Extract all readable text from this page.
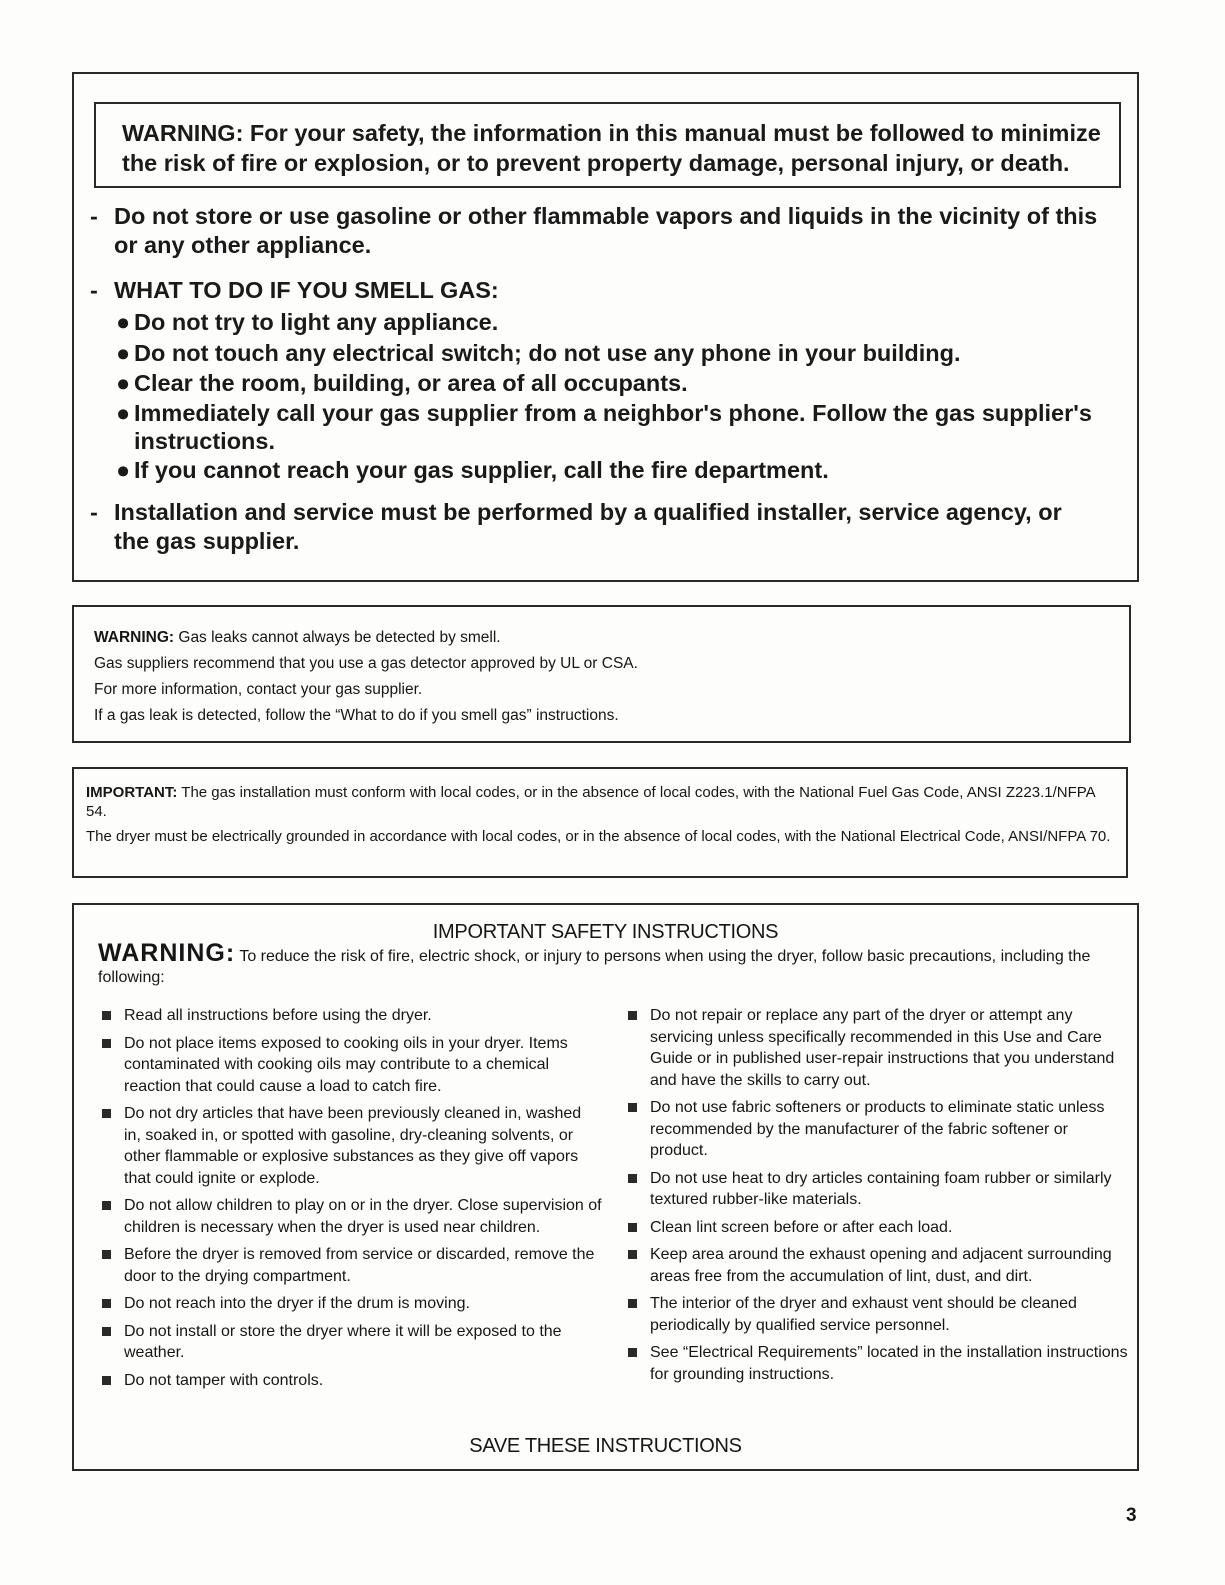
WARNING: For your safety, the information in this manual must be followed to minimize
the risk of fire or explosion, or to prevent property damage, personal injury, or death.
- Do not store or use gasoline or other flammable vapors and liquids in the vicinity of this
or any other appliance.
- WHAT TO DO IF YOU SMELL GAS:
● Do not try to light any appliance.
● Do not touch any electrical switch; do not use any phone in your building.
● Clear the room, building, or area of all occupants.
● Immediately call your gas supplier from a neighbor's phone. Follow the gas supplier's
instructions.
● If you cannot reach your gas supplier, call the fire department.
- Installation and service must be performed by a qualified installer, service agency, or
the gas supplier.
WARNING: Gas leaks cannot always be detected by smell.
Gas suppliers recommend that you use a gas detector approved by UL or CSA.
For more information, contact your gas supplier.
If a gas leak is detected, follow the “What to do if you smell gas” instructions.
IMPORTANT: The gas installation must conform with local codes, or in the absence of local codes, with the National Fuel Gas Code, ANSI Z223.1/NFPA 54.
The dryer must be electrically grounded in accordance with local codes, or in the absence of local codes, with the National Electrical Code, ANSI/NFPA 70.
IMPORTANT SAFETY INSTRUCTIONS
WARNING: To reduce the risk of fire, electric shock, or injury to persons when using the dryer, follow basic precautions, including the following:
Read all instructions before using the dryer.
Do not place items exposed to cooking oils in your dryer. Items contaminated with cooking oils may contribute to a chemical reaction that could cause a load to catch fire.
Do not dry articles that have been previously cleaned in, washed in, soaked in, or spotted with gasoline, dry-cleaning solvents, or other flammable or explosive substances as they give off vapors that could ignite or explode.
Do not allow children to play on or in the dryer. Close supervision of children is necessary when the dryer is used near children.
Before the dryer is removed from service or discarded, remove the door to the drying compartment.
Do not reach into the dryer if the drum is moving.
Do not install or store the dryer where it will be exposed to the weather.
Do not tamper with controls.
Do not repair or replace any part of the dryer or attempt any servicing unless specifically recommended in this Use and Care Guide or in published user-repair instructions that you understand and have the skills to carry out.
Do not use fabric softeners or products to eliminate static unless recommended by the manufacturer of the fabric softener or product.
Do not use heat to dry articles containing foam rubber or similarly textured rubber-like materials.
Clean lint screen before or after each load.
Keep area around the exhaust opening and adjacent surrounding areas free from the accumulation of lint, dust, and dirt.
The interior of the dryer and exhaust vent should be cleaned periodically by qualified service personnel.
See “Electrical Requirements” located in the installation instructions for grounding instructions.
SAVE THESE INSTRUCTIONS
3
